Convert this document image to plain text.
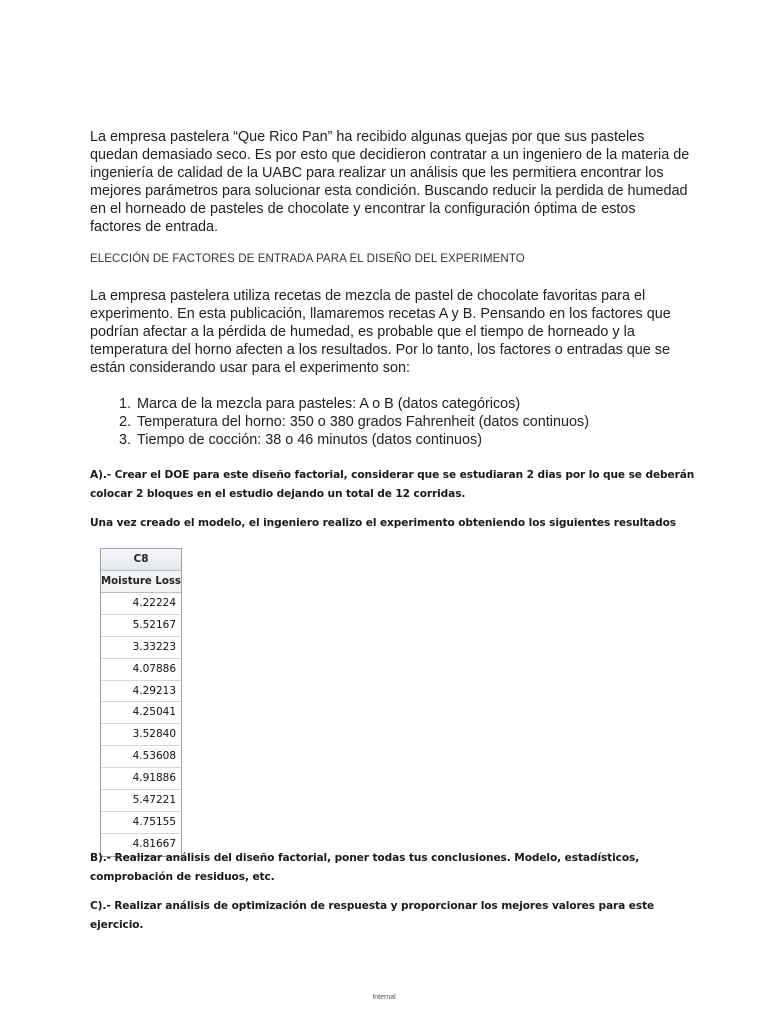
La empresa pastelera “Que Rico Pan” ha recibido algunas quejas por que sus pasteles quedan demasiado seco. Es por esto que decidieron contratar a un ingeniero de la materia de ingeniería de calidad de la UABC para realizar un análisis que les permitiera encontrar los mejores parámetros para solucionar esta condición. Buscando reducir la perdida de humedad en el horneado de pasteles de chocolate y encontrar la configuración óptima de estos factores de entrada.

ELECCIÓN DE FACTORES DE ENTRADA PARA EL DISEÑO DEL EXPERIMENTO

La empresa pastelera utiliza recetas de mezcla de pastel de chocolate favoritas para el experimento. En esta publicación, llamaremos recetas A y B. Pensando en los factores que podrían afectar a la pérdida de humedad, es probable que el tiempo de horneado y la temperatura del horno afecten a los resultados. Por lo tanto, los factores o entradas que se están considerando usar para el experimento son:

1. Marca de la mezcla para pasteles: A o B (datos categóricos)
2. Temperatura del horno: 350 o 380 grados Fahrenheit (datos continuos)
3. Tiempo de cocción: 38 o 46 minutos (datos continuos)

A).- Crear el DOE para este diseño factorial, considerar que se estudiaran 2 dias por lo que se deberán colocar 2 bloques en el estudio dejando un total de 12 corridas.

Una vez creado el modelo, el ingeniero realizo el experimento obteniendo los siguientes resultados

C8
Moisture Loss
4.22224
5.52167
3.33223
4.07886
4.29213
4.25041
3.52840
4.53608
4.91886
5.47221
4.75155
4.81667

B).- Realizar análisis del diseño factorial, poner todas tus conclusiones. Modelo, estadísticos, comprobación de residuos, etc.

C).- Realizar análisis de optimización de respuesta y proporcionar los mejores valores para este ejercicio.

Internal
